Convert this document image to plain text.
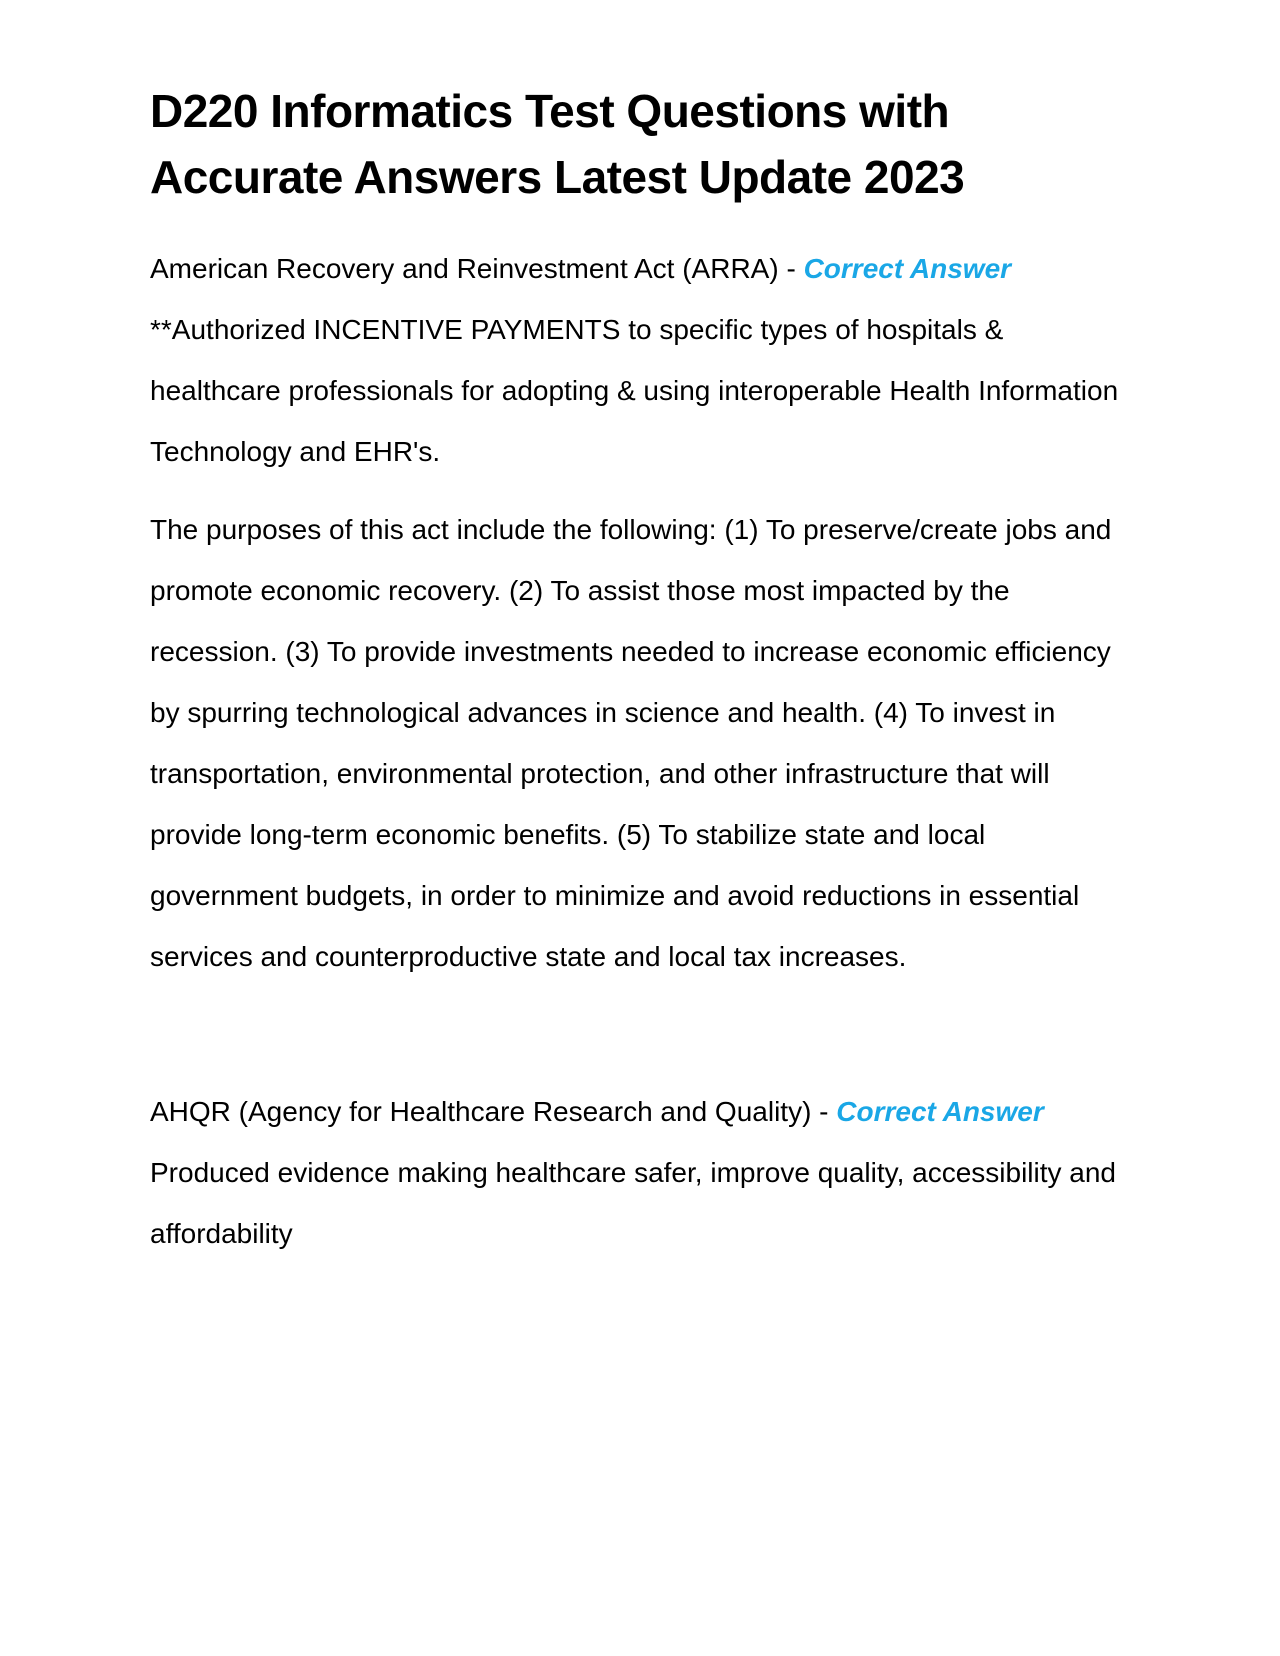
D220 Informatics Test Questions with Accurate Answers Latest Update 2023

American Recovery and Reinvestment Act (ARRA) - Correct Answer

**Authorized INCENTIVE PAYMENTS to specific types of hospitals & healthcare professionals for adopting & using interoperable Health Information Technology and EHR's.

The purposes of this act include the following: (1) To preserve/create jobs and promote economic recovery. (2) To assist those most impacted by the recession. (3) To provide investments needed to increase economic efficiency by spurring technological advances in science and health. (4) To invest in transportation, environmental protection, and other infrastructure that will provide long-term economic benefits. (5) To stabilize state and local government budgets, in order to minimize and avoid reductions in essential services and counterproductive state and local tax increases.

AHQR (Agency for Healthcare Research and Quality) - Correct Answer

Produced evidence making healthcare safer, improve quality, accessibility and affordability
